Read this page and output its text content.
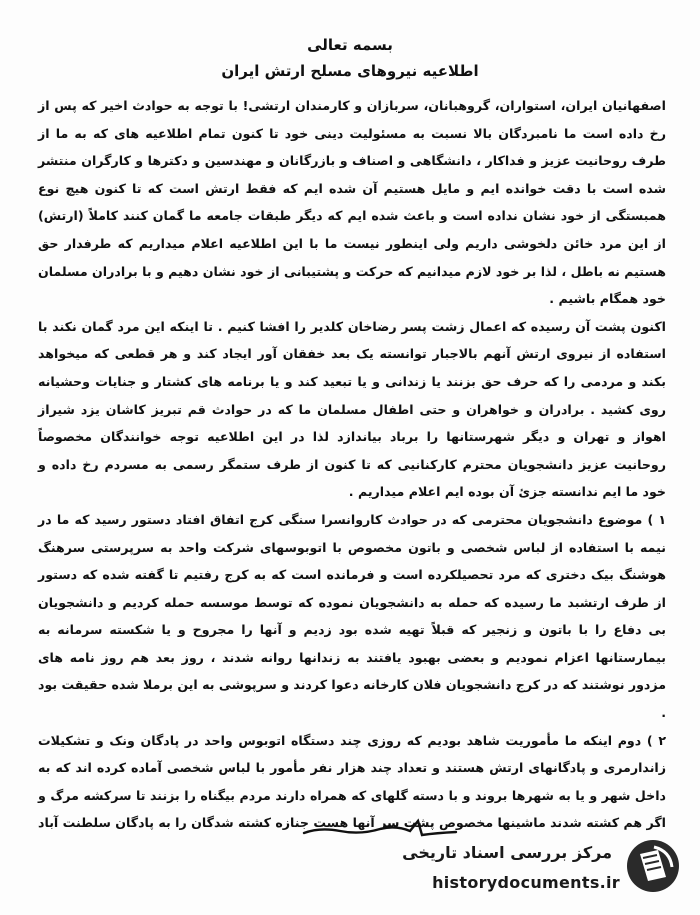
بسمه تعالی
اطلاعیه نیروهای مسلح ارتش ایران

اصفهانیان ایران، استواران، گروهبانان، سربازان و کارمندان ارتشی! با توجه به حوادث اخیر که پس از رخ داده است ما نامبردگان بالا نسبت به مسئولیت دینی خود تا کنون تمام اطلاعیه های که به ما از طرف روحانیت عزیز و فداکار ، دانشگاهی و اصناف و بازرگانان و مهندسین و دکترها و کارگران منتشر شده است با دقت خوانده ایم و مایل هستیم آن شده ایم که فقط ارتش است که تا کنون هیچ نوع همبستگی از خود نشان نداده است و باعث شده ایم که دیگر طبقات جامعه ما گمان کنند کاملاً (ارتش) از این مرد خائن دلخوشی داریم ولی اینطور نیست ما با این اطلاعیه اعلام میداریم که طرفدار حق هستیم نه باطل ، لذا بر خود لازم میدانیم که حرکت و پشتیبانی از خود نشان دهیم و با برادران مسلمان خود همگام باشیم .

اکنون پشت آن رسیده که اعمال زشت پسر رضاخان کلدیر را افشا کنیم . تا اینکه این مرد گمان نکند با استفاده از نیروی ارتش آنهم بالاجبار توانسته یک بعد خفقان آور ایجاد کند و هر قطعی که میخواهد بکند و مردمی را که حرف حق بزنند یا زندانی و یا تبعید کند و یا برنامه های کشتار و جنایات وحشیانه روی کشید . برادران و خواهران و حتی اطفال مسلمان ما که در حوادث قم تبریز کاشان یزد شیراز اهواز و تهران و دیگر شهرستانها را برباد بیاندازد لذا در این اطلاعیه توجه خوانندگان مخصوصاً روحانیت عزیز دانشجویان محترم کارکنانیی که تا کنون از طرف ستمگر رسمی به مسردم رخ داده و خود ما ایم ندانسته جزئ آن بوده ایم اعلام میداریم .

۱ ) موضوع دانشجویان محترمی که در حوادث کاروانسرا سنگی کرج اتفاق افتاد دستور رسید که ما در نیمه با استفاده از لباس شخصی و باتون مخصوص با اتوبوسهای شرکت واحد به سرپرستی سرهنگ هوشنگ بیک دختری که مرد تحصیلکرده است و فرمانده است که به کرج رفتیم تا گفته شده که دستور از طرف ارتشبد ما رسیده که حمله به دانشجویان نموده که توسط موسسه حمله کردیم و دانشجویان بی دفاع را با باتون و زنجیر که قبلاً تهیه شده بود زدیم و آنها را مجروح و یا شکسته سرمانه به بیمارستانها اعزام نمودیم و بعضی بهبود یافتند به زندانها روانه شدند ، روز بعد هم روز نامه های مزدور نوشتند که در کرج دانشجویان فلان کارخانه دعوا کردند و سرپوشی به این برملا شده حقیقت بود .

۲ ) دوم اینکه ما مأموریت شاهد بودیم که روزی چند دستگاه اتوبوس واحد در پادگان ونک و تشکیلات زاندارمری و پادگانهای ارتش هستند و تعداد چند هزار نفر مأمور با لباس شخصی آماده کرده اند که به داخل شهر و یا به شهرها بروند و با دسته گلهای که همراه دارند مردم بیگناه را بزنند تا سرکشه مرگ و اگر هم کشته شدند ماشینها مخصوص پشت سر آنها هست جنازه کشته شدگان را به پادگان سلطنت آباد

مرکز بررسی اسناد تاریخی
historydocuments.ir
